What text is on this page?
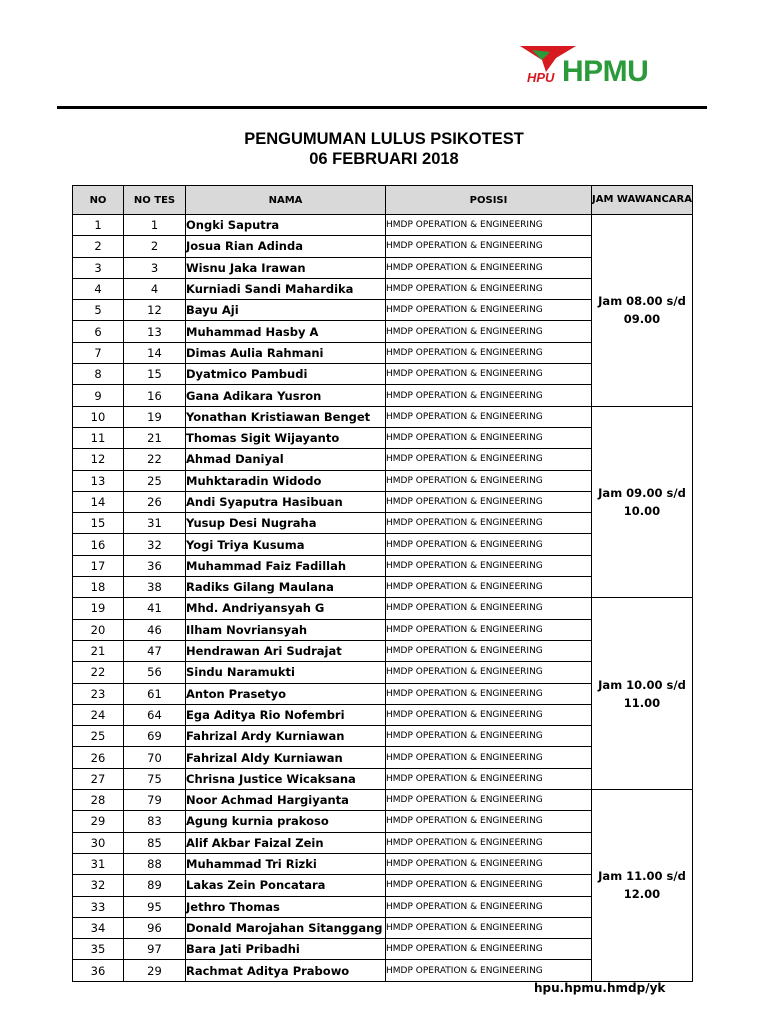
HPU HPMU
PENGUMUMAN LULUS PSIKOTEST
06 FEBRUARI 2018
NO	NO TES	NAMA	POSISI	JAM WAWANCARA
1	1	Ongki Saputra	HMDP OPERATION & ENGINEERING	Jam 08.00 s/d 09.00
2	2	Josua Rian Adinda	HMDP OPERATION & ENGINEERING	
3	3	Wisnu Jaka Irawan	HMDP OPERATION & ENGINEERING	
4	4	Kurniadi Sandi Mahardika	HMDP OPERATION & ENGINEERING	
5	12	Bayu Aji	HMDP OPERATION & ENGINEERING	
6	13	Muhammad Hasby A	HMDP OPERATION & ENGINEERING	
7	14	Dimas Aulia Rahmani	HMDP OPERATION & ENGINEERING	
8	15	Dyatmico Pambudi	HMDP OPERATION & ENGINEERING	
9	16	Gana Adikara Yusron	HMDP OPERATION & ENGINEERING	
10	19	Yonathan Kristiawan Benget	HMDP OPERATION & ENGINEERING	Jam 09.00 s/d 10.00
11	21	Thomas Sigit Wijayanto	HMDP OPERATION & ENGINEERING	
12	22	Ahmad Daniyal	HMDP OPERATION & ENGINEERING	
13	25	Muhktaradin Widodo	HMDP OPERATION & ENGINEERING	
14	26	Andi Syaputra Hasibuan	HMDP OPERATION & ENGINEERING	
15	31	Yusup Desi Nugraha	HMDP OPERATION & ENGINEERING	
16	32	Yogi Triya Kusuma	HMDP OPERATION & ENGINEERING	
17	36	Muhammad Faiz Fadillah	HMDP OPERATION & ENGINEERING	
18	38	Radiks Gilang Maulana	HMDP OPERATION & ENGINEERING	
19	41	Mhd. Andriyansyah G	HMDP OPERATION & ENGINEERING	Jam 10.00 s/d 11.00
20	46	Ilham Novriansyah	HMDP OPERATION & ENGINEERING	
21	47	Hendrawan Ari Sudrajat	HMDP OPERATION & ENGINEERING	
22	56	Sindu Naramukti	HMDP OPERATION & ENGINEERING	
23	61	Anton Prasetyo	HMDP OPERATION & ENGINEERING	
24	64	Ega Aditya Rio Nofembri	HMDP OPERATION & ENGINEERING	
25	69	Fahrizal Ardy Kurniawan	HMDP OPERATION & ENGINEERING	
26	70	Fahrizal Aldy Kurniawan	HMDP OPERATION & ENGINEERING	
27	75	Chrisna Justice Wicaksana	HMDP OPERATION & ENGINEERING	
28	79	Noor Achmad Hargiyanta	HMDP OPERATION & ENGINEERING	Jam 11.00 s/d 12.00
29	83	Agung kurnia prakoso	HMDP OPERATION & ENGINEERING	
30	85	Alif Akbar Faizal Zein	HMDP OPERATION & ENGINEERING	
31	88	Muhammad Tri Rizki	HMDP OPERATION & ENGINEERING	
32	89	Lakas Zein Poncatara	HMDP OPERATION & ENGINEERING	
33	95	Jethro Thomas	HMDP OPERATION & ENGINEERING	
34	96	Donald Marojahan Sitanggang	HMDP OPERATION & ENGINEERING	
35	97	Bara Jati Pribadhi	HMDP OPERATION & ENGINEERING	
36	29	Rachmat Aditya Prabowo	HMDP OPERATION & ENGINEERING	
hpu.hpmu.hmdp/yk
